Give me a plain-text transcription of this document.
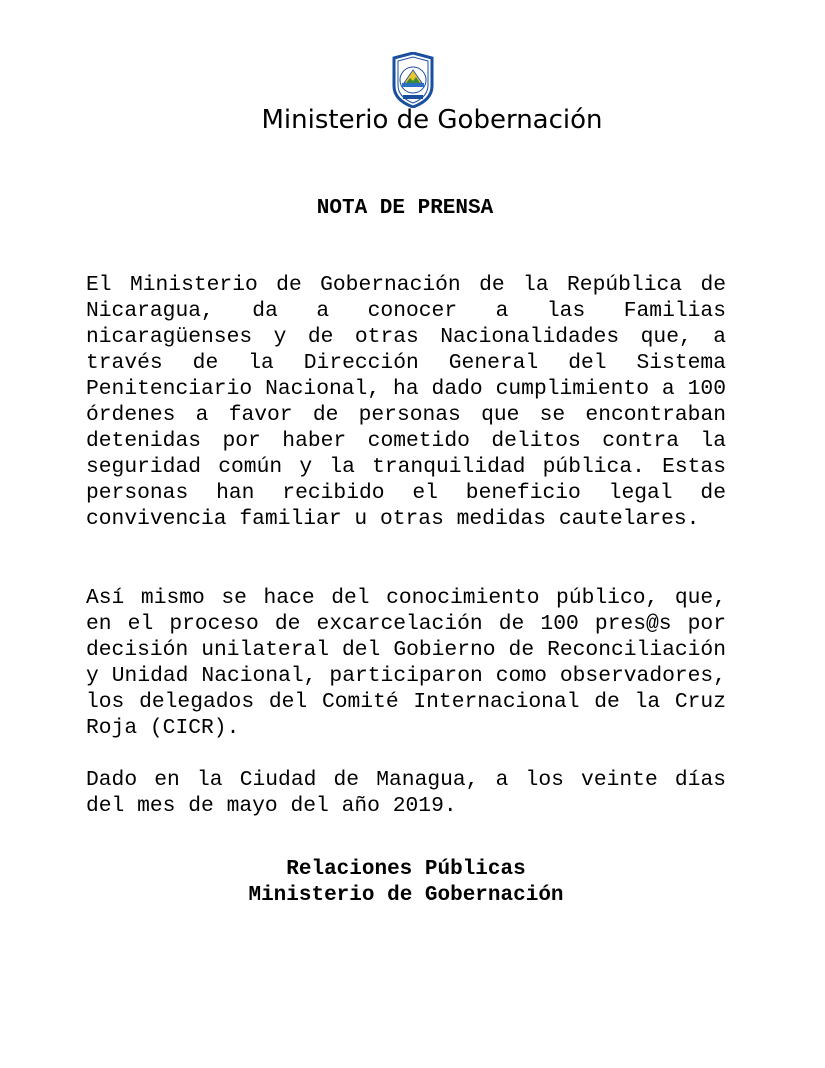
Ministerio de Gobernación
NOTA DE PRENSA

El Ministerio de Gobernación de la República de Nicaragua, da a conocer a las Familias nicaragüenses y de otras Nacionalidades que, a través de la Dirección General del Sistema Penitenciario Nacional, ha dado cumplimiento a 100 órdenes a favor de personas que se encontraban detenidas por haber cometido delitos contra la seguridad común y la tranquilidad pública. Estas personas han recibido el beneficio legal de convivencia familiar u otras medidas cautelares.

Así mismo se hace del conocimiento público, que, en el proceso de excarcelación de 100 pres@s por decisión unilateral del Gobierno de Reconciliación y Unidad Nacional, participaron como observadores, los delegados del Comité Internacional de la Cruz Roja (CICR).

Dado en la Ciudad de Managua, a los veinte días del mes de mayo del año 2019.

Relaciones Públicas
Ministerio de Gobernación
